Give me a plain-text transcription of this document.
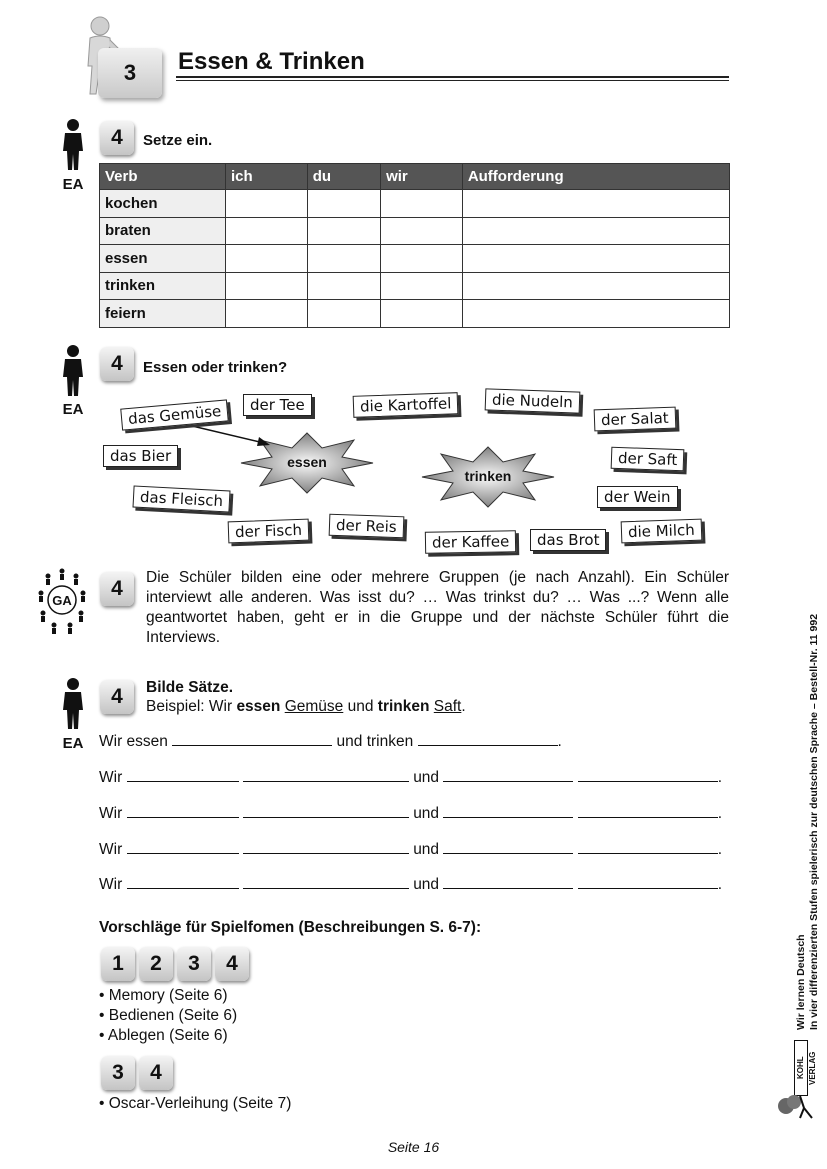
3	Essen & Trinken
EA
4	Setze ein.
Verb	ich	du	wir	Aufforderung
kochen				
braten				
essen				
trinken				
feiern				
EA
4	Essen oder trinken?
essen
trinken
das Gemüse	der Tee	die Kartoffel	die Nudeln
der Salat
das Bier	der Saft
das Fleisch	der Wein
der Fisch	der Reis
der Kaffee	das Brot	die Milch
GA
4	Die Schüler bilden eine oder mehrere Gruppen (je nach Anzahl). Ein Schüler interviewt alle anderen. Was isst du? … Was trinkst du? … Was ...? Wenn alle geantwortet haben, geht er in die Gruppe und der nächste Schüler führt die Interviews.
EA
4	Bilde Sätze.
Beispiel: Wir essen Gemüse und trinken Saft.
Wir essen	und trinken	.
Wir	und	.
Wir	und	.
Wir	und	.
Wir	und	.
Vorschläge für Spielfomen (Beschreibungen S. 6-7):
1	2	3	4
• Memory (Seite 6)
• Bedienen (Seite 6)
• Ablegen (Seite 6)
3	4
• Oscar-Verleihung (Seite 7)
Wir lernen Deutsch In vier differenzierten Stufen spielerisch zur deutschen Sprache – Bestell-Nr. 11 992
KOHL VERLAG
Seite 16
